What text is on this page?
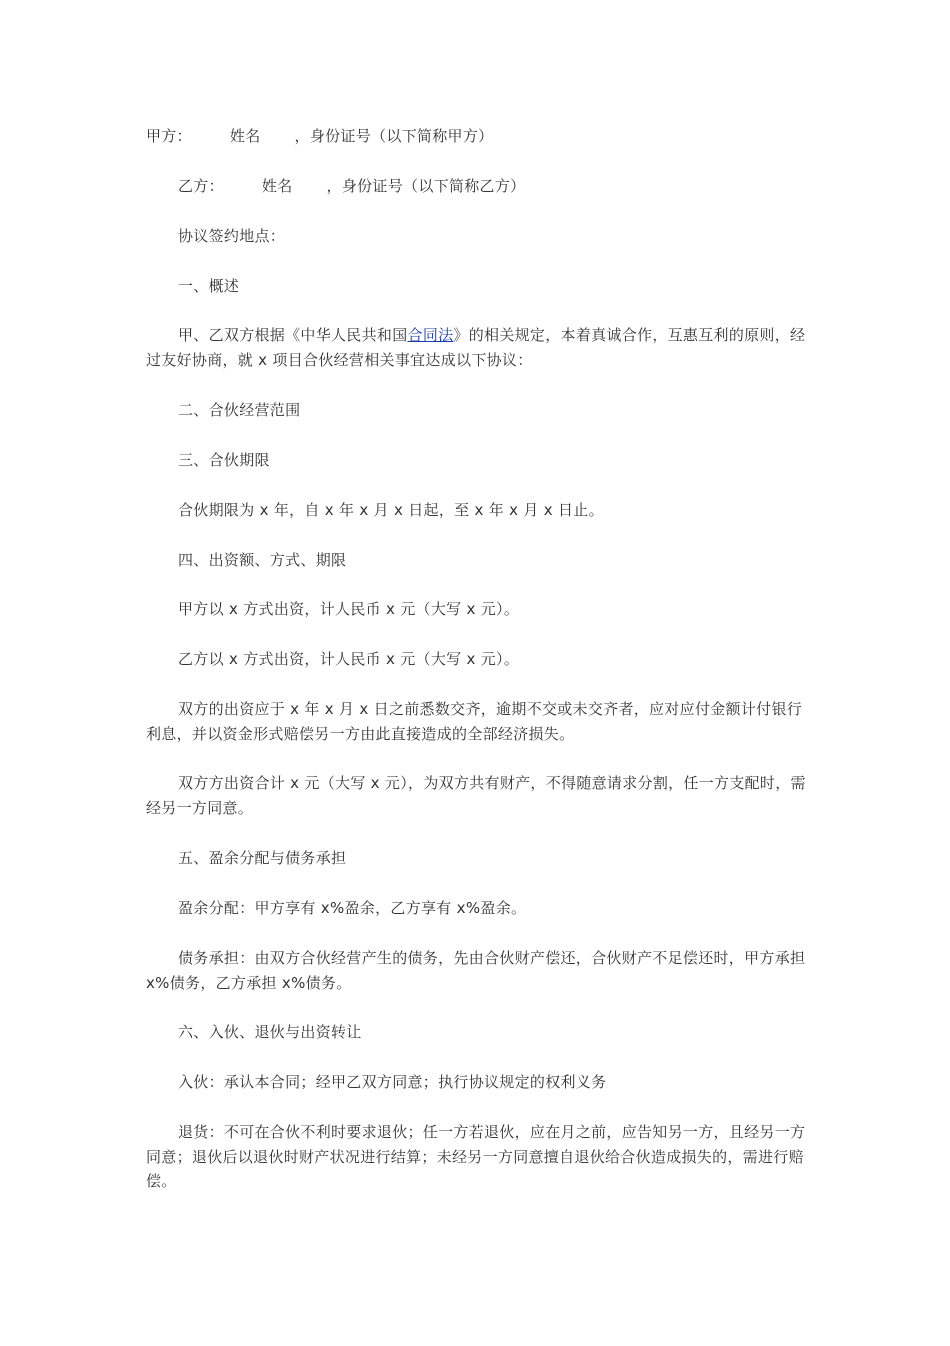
甲方：	姓名 ，身份证号（以下简称甲方）

乙方：	姓名 ，身份证号（以下简称乙方）

协议签约地点：

一、概述

甲、乙双方根据《中华人民共和国合同法》的相关规定，本着真诚合作，互惠互利的原则，经过友好协商，就 x 项目合伙经营相关事宜达成以下协议：

二、合伙经营范围

三、合伙期限

合伙期限为 x 年，自 x 年 x 月 x 日起，至 x 年 x 月 x 日止。

四、出资额、方式、期限

甲方以 x 方式出资，计人民币 x 元（大写 x 元）。

乙方以 x 方式出资，计人民币 x 元（大写 x 元）。

双方的出资应于 x 年 x 月 x 日之前悉数交齐，逾期不交或未交齐者，应对应付金额计付银行利息，并以资金形式赔偿另一方由此直接造成的全部经济损失。

双方方出资合计 x 元（大写 x 元），为双方共有财产，不得随意请求分割，任一方支配时，需经另一方同意。

五、盈余分配与债务承担

盈余分配：甲方享有 x%盈余，乙方享有 x%盈余。

债务承担：由双方合伙经营产生的债务，先由合伙财产偿还，合伙财产不足偿还时，甲方承担 x%债务，乙方承担 x%债务。

六、入伙、退伙与出资转让

入伙：承认本合同；经甲乙双方同意；执行协议规定的权利义务

退货：不可在合伙不利时要求退伙；任一方若退伙，应在月之前，应告知另一方，且经另一方同意；退伙后以退伙时财产状况进行结算；未经另一方同意擅自退伙给合伙造成损失的，需进行赔偿。
